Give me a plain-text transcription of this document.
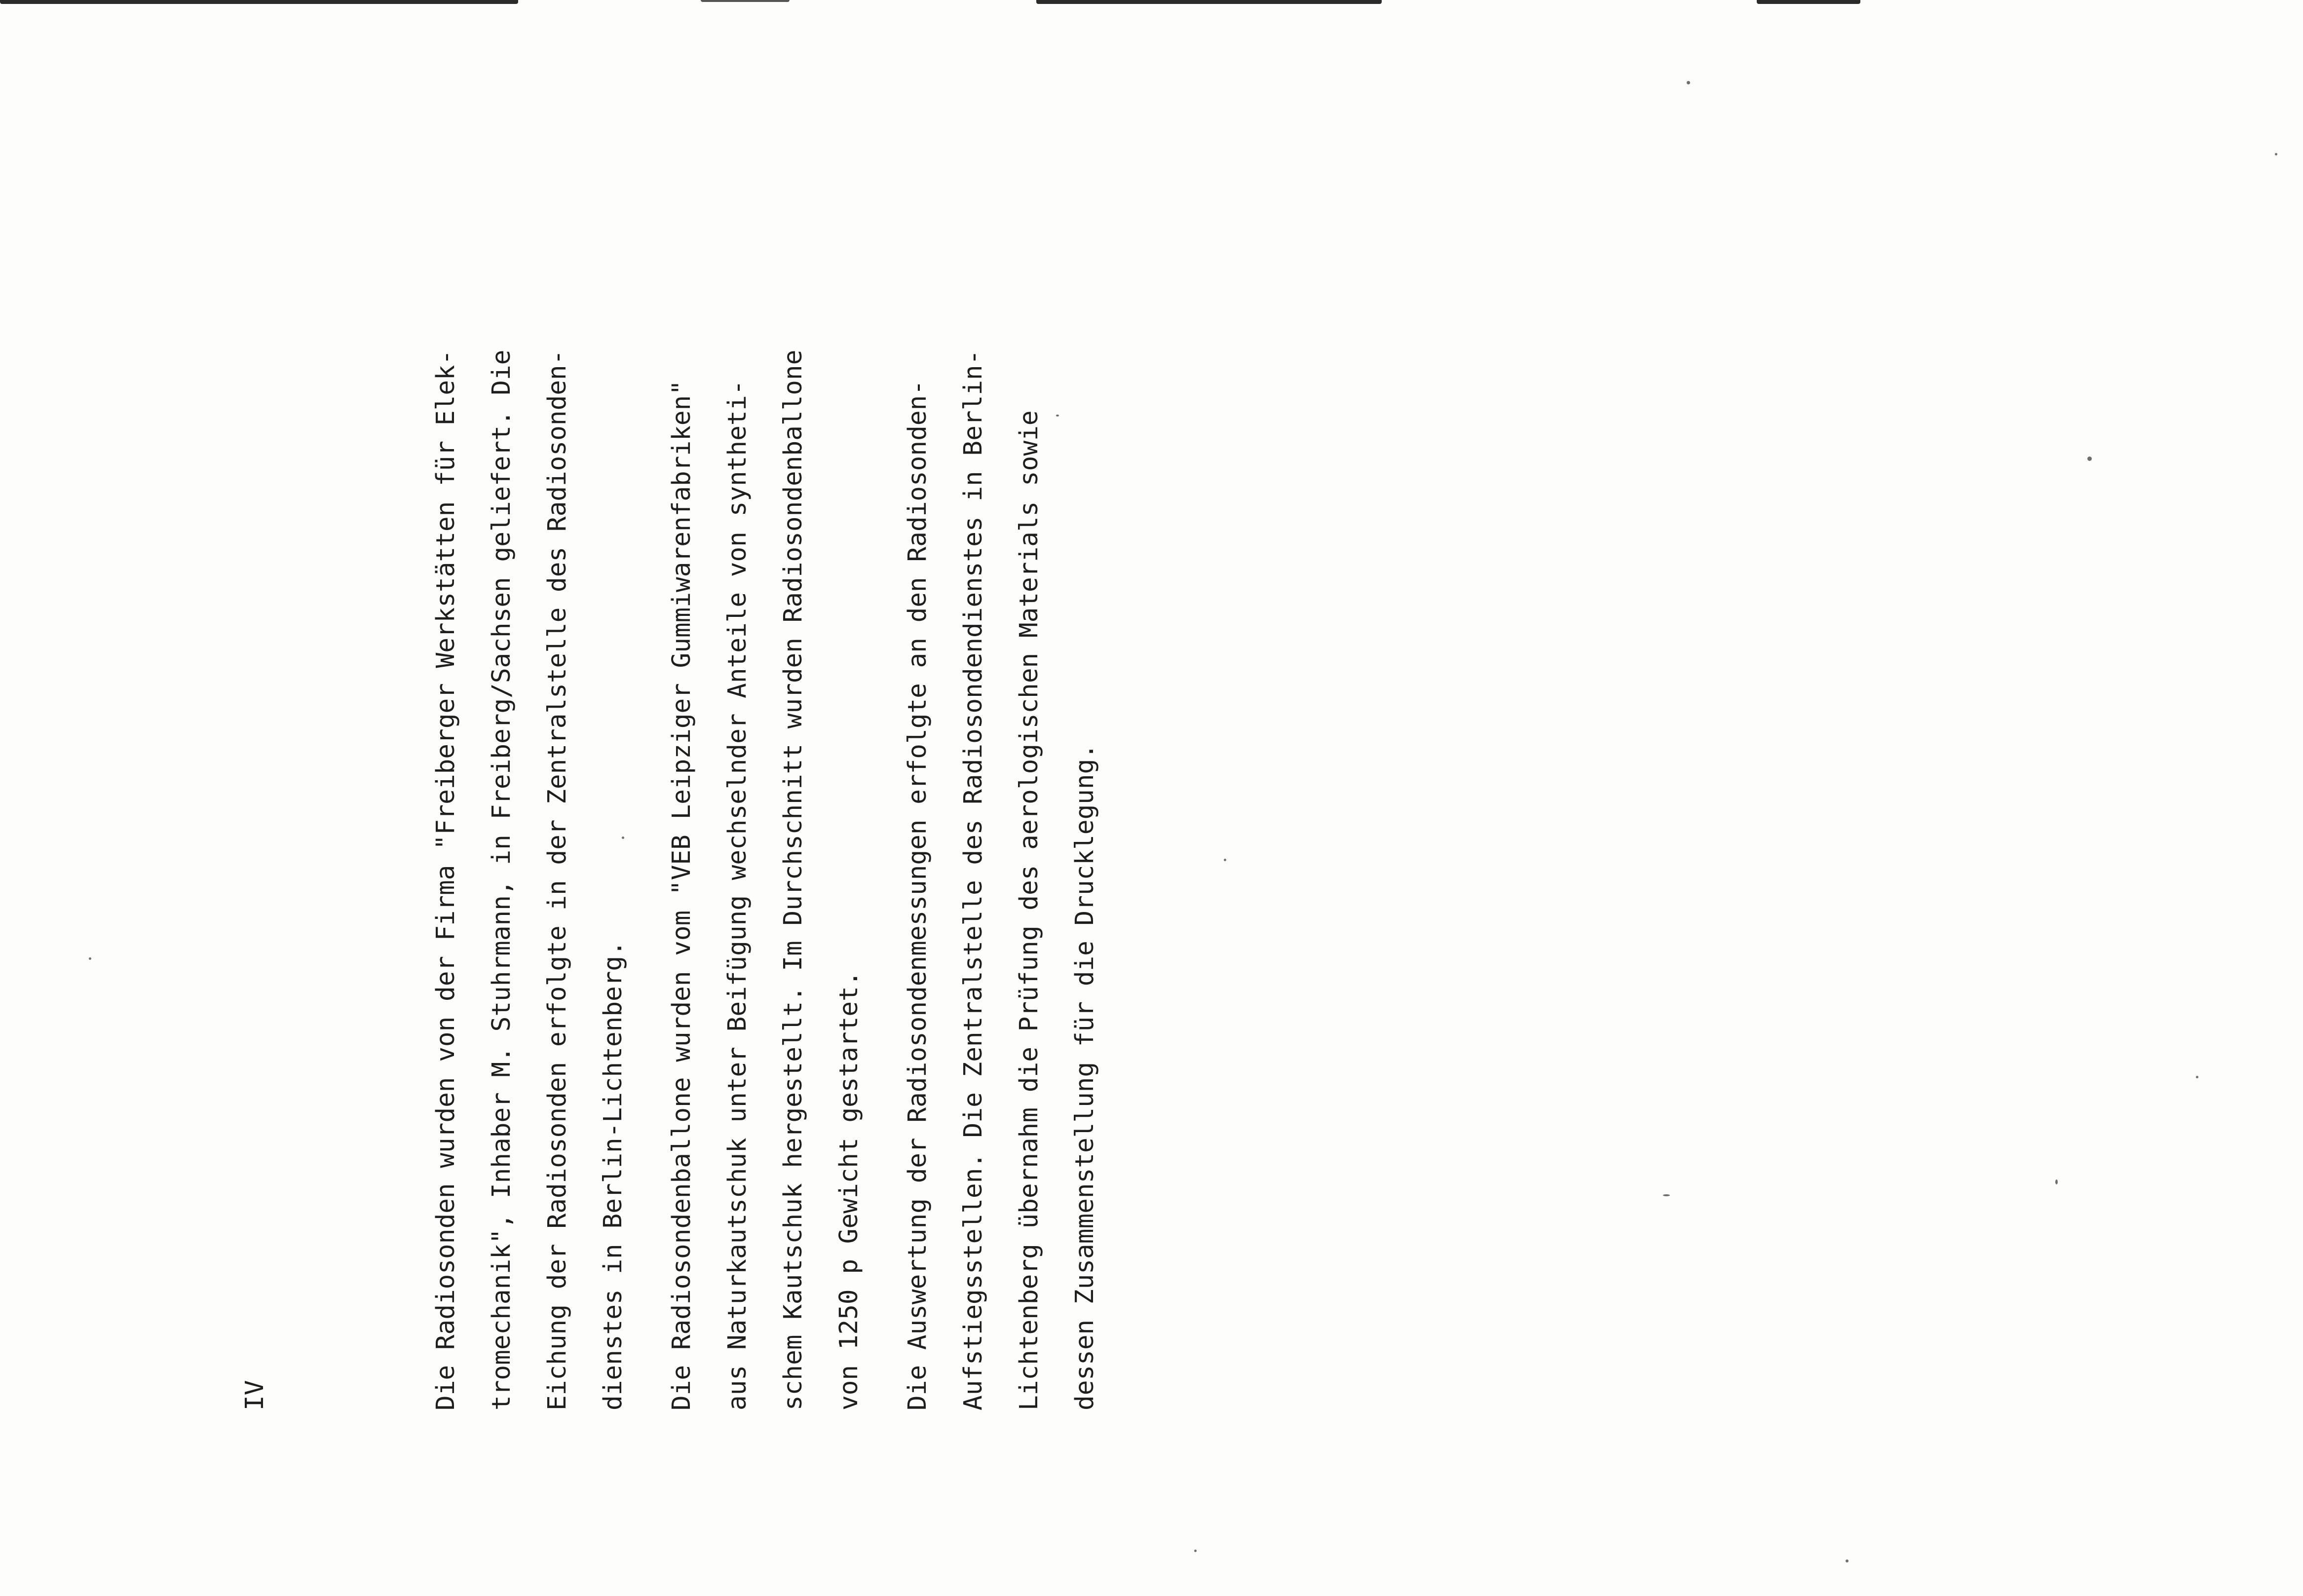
IV	Die Radiosonden wurden von der Firma "Freiberger Werkstätten für Elek-	tromechanik", Inhaber M. Stuhrmann, in Freiberg/Sachsen geliefert. Die	Eichung der Radiosonden erfolgte in der Zentralstelle des Radiosonden-	dienstes in Berlin-Lichtenberg.	Die Radiosondenballone wurden vom "VEB Leipziger Gummiwarenfabriken"	aus Naturkautschuk unter Beifügung wechselnder Anteile von syntheti-	schem Kautschuk hergestellt. Im Durchschnitt wurden Radiosondenballone	von 1250 p Gewicht gestartet.	Die Auswertung der Radiosondenmessungen erfolgte an den Radiosonden-	Aufstiegsstellen. Die Zentralstelle des Radiosondendienstes in Berlin-	Lichtenberg übernahm die Prüfung des aerologischen Materials sowie	dessen Zusammenstellung für die Drucklegung.
